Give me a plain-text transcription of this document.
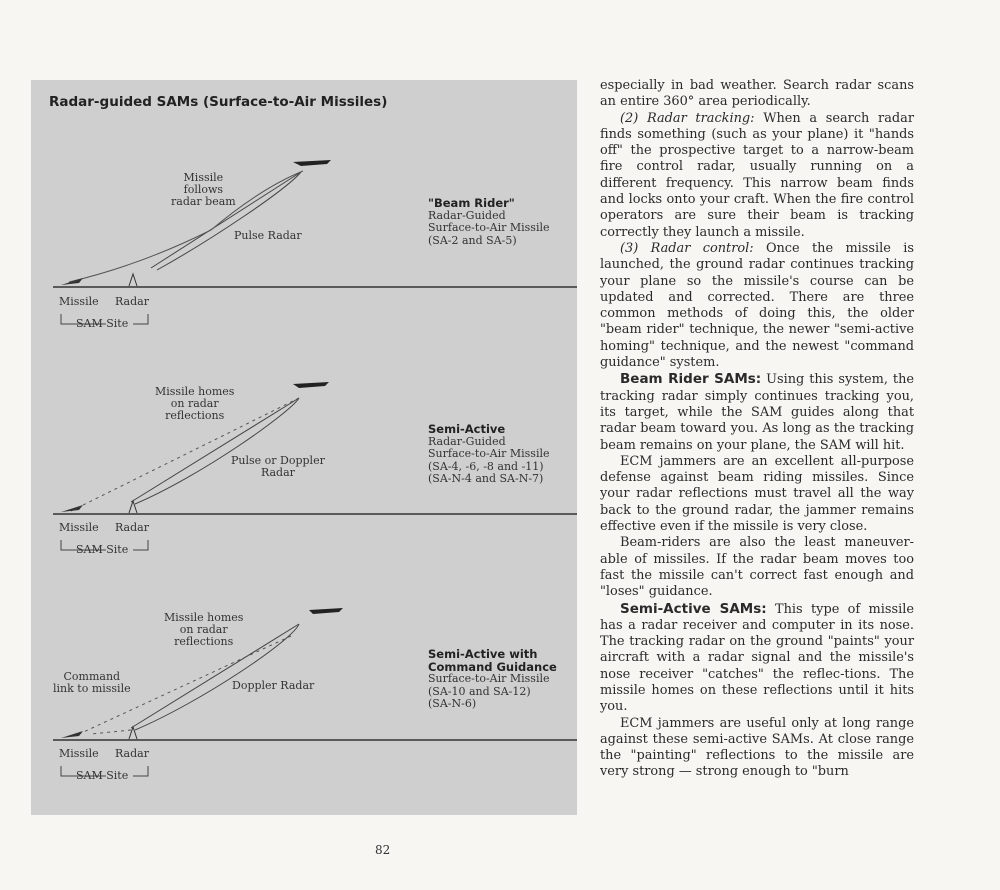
Radar-guided SAMs (Surface-to-Air Missiles)
Missile
follows
radar beam
Pulse Radar
"Beam Rider"
Radar-Guided
Surface-to-Air Missile
(SA-2 and SA-5)
Missile Radar
SAM Site
Missile homes
on radar
reflections
Pulse or Doppler
Radar
Semi-Active
Radar-Guided
Surface-to-Air Missile
(SA-4, -6, -8 and -11)
(SA-N-4 and SA-N-7)
Missile Radar
SAM Site
Missile homes
on radar
reflections
Command
link to missile	Doppler Radar
Semi-Active with
Command Guidance
Surface-to-Air Missile
(SA-10 and SA-12)
(SA-N-6)
Missile Radar
SAM Site
82

especially in bad weather. Search radar scans an entire 360° area periodically.

(2) Radar tracking: When a search radar finds something (such as your plane) it "hands off" the prospective target to a narrow-beam fire control radar, usually running on a different frequency. This narrow beam finds and locks onto your craft. When the fire control operators are sure their beam is tracking correctly they launch a missile.

(3) Radar control: Once the missile is launched, the ground radar continues tracking your plane so the missile's course can be updated and corrected. There are three common methods of doing this, the older "beam rider" technique, the newer "semi-active homing" technique, and the newest "command guidance" system.

Beam Rider SAMs: Using this system, the tracking radar simply continues tracking you, its target, while the SAM guides along that radar beam toward you. As long as the tracking beam remains on your plane, the SAM will hit.

ECM jammers are an excellent all-purpose defense against beam riding missiles. Since your radar reflections must travel all the way back to the ground radar, the jammer remains effective even if the missile is very close.

Beam-riders are also the least maneuver-able of missiles. If the radar beam moves too fast the missile can't correct fast enough and "loses" guidance.

Semi-Active SAMs: This type of missile has a radar receiver and computer in its nose. The tracking radar on the ground "paints" your aircraft with a radar signal and the missile's nose receiver "catches" the reflec-tions. The missile homes on these reflections until it hits you.

ECM jammers are useful only at long range against these semi-active SAMs. At close range the "painting" reflections to the missile are very strong — strong enough to "burn
